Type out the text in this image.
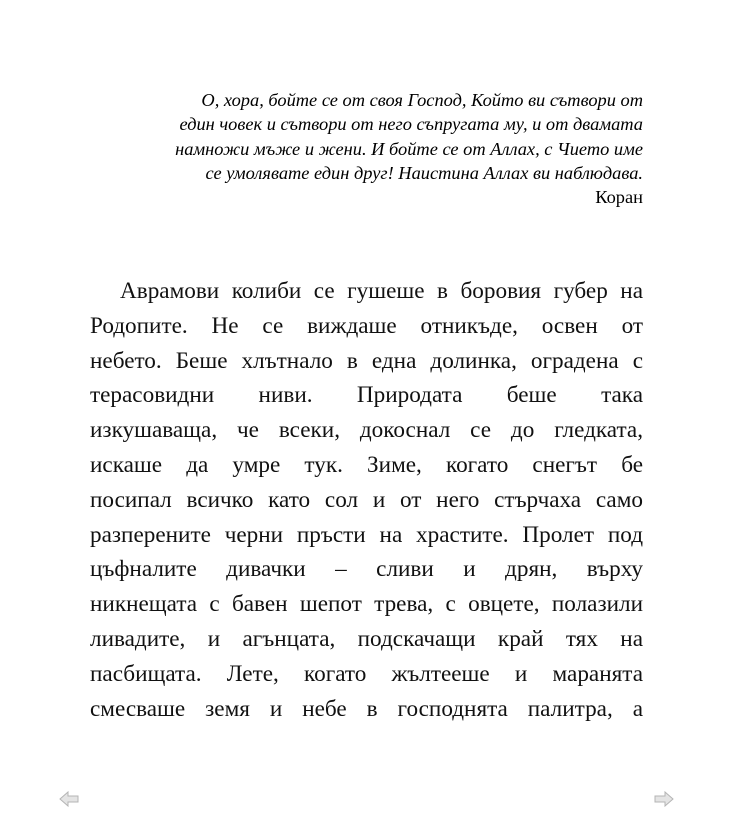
О, хора, бойте се от своя Господ, Който ви сътвори от
един човек и сътвори от него съпругата му, и от двамата
намножи мъже и жени. И бойте се от Аллах, с Чието име
се умолявате един друг! Наистина Аллах ви наблюдава.
Коран
Аврамови колиби се гушеше в боровия губер на
Родопите. Не се виждаше отникъде, освен от
небето. Беше хлътнало в една долинка, оградена с
терасовидни ниви. Природата беше така
изкушаваща, че всеки, докоснал се до гледката,
искаше да умре тук. Зиме, когато снегът бе
посипал всичко като сол и от него стърчаха само
разперените черни пръсти на храстите. Пролет под
цъфналите дивачки – сливи и дрян, върху
никнещата с бавен шепот трева, с овцете, полазили
ливадите, и агънцата, подскачащи край тях на
пасбищата. Лете, когато жълтееше и маранята
смесваше земя и небе в господнята палитра, а
